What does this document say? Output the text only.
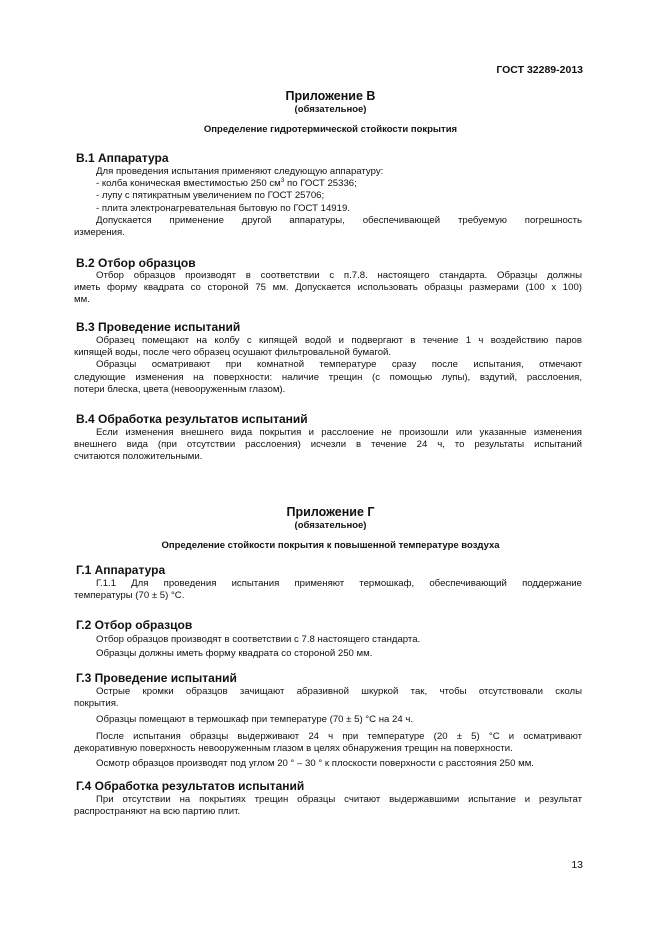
ГОСТ 32289-2013
Приложение В
(обязательное)
Определение гидротермической стойкости покрытия
В.1 Аппаратура
Для проведения испытания применяют следующую аппаратуру:
- колба коническая вместимостью 250 $см^3$ по ГОСТ 25336;
- лупу с пятикратным увеличением по ГОСТ 25706;
- плита электронагревательная бытовую по ГОСТ 14919.
Допускается применение другой аппаратуры, обеспечивающей требуемую погрешность
измерения.
В.2 Отбор образцов
Отбор образцов производят в соответствии с п.7.8. настоящего стандарта. Образцы должны
иметь форму квадрата со стороной 75 мм. Допускается использовать образцы размерами (100 х 100)
мм.
В.3 Проведение испытаний
Образец помещают на колбу с кипящей водой и подвергают в течение 1 ч воздействию паров
кипящей воды, после чего образец осушают фильтровальной бумагой.
Образцы осматривают при комнатной температуре сразу после испытания, отмечают
следующие изменения на поверхности: наличие трещин (с помощью лупы), вздутий, расслоения,
потери блеска, цвета (невооруженным глазом).
В.4 Обработка результатов испытаний
Если изменения внешнего вида покрытия и расслоение не произошли или указанные изменения
внешнего вида (при отсутствии расслоения) исчезли в течение 24 ч, то результаты испытаний
считаются положительными.
Приложение Г
(обязательное)
Определение стойкости покрытия к повышенной температуре воздуха
Г.1 Аппаратура
Г.1.1 Для проведения испытания применяют термошкаф, обеспечивающий поддержание
температуры (70 ± 5) °С.
Г.2 Отбор образцов
Отбор образцов производят в соответствии с 7.8 настоящего стандарта.
Образцы должны иметь форму квадрата со стороной 250 мм.
Г.3 Проведение испытаний
Острые кромки образцов зачищают абразивной шкуркой так, чтобы отсутствовали сколы
покрытия.
Образцы помещают в термошкаф при температуре (70 ± 5) °С на 24 ч.
После испытания образцы выдерживают 24 ч при температуре (20 ± 5) °С и осматривают
декоративную поверхность невооруженным глазом в целях обнаружения трещин на поверхности.
Осмотр образцов производят под углом 20 ° – 30 ° к плоскости поверхности с расстояния 250 мм.
Г.4 Обработка результатов испытаний
При отсутствии на покрытиях трещин образцы считают выдержавшими испытание и результат
распространяют на всю партию плит.
13
